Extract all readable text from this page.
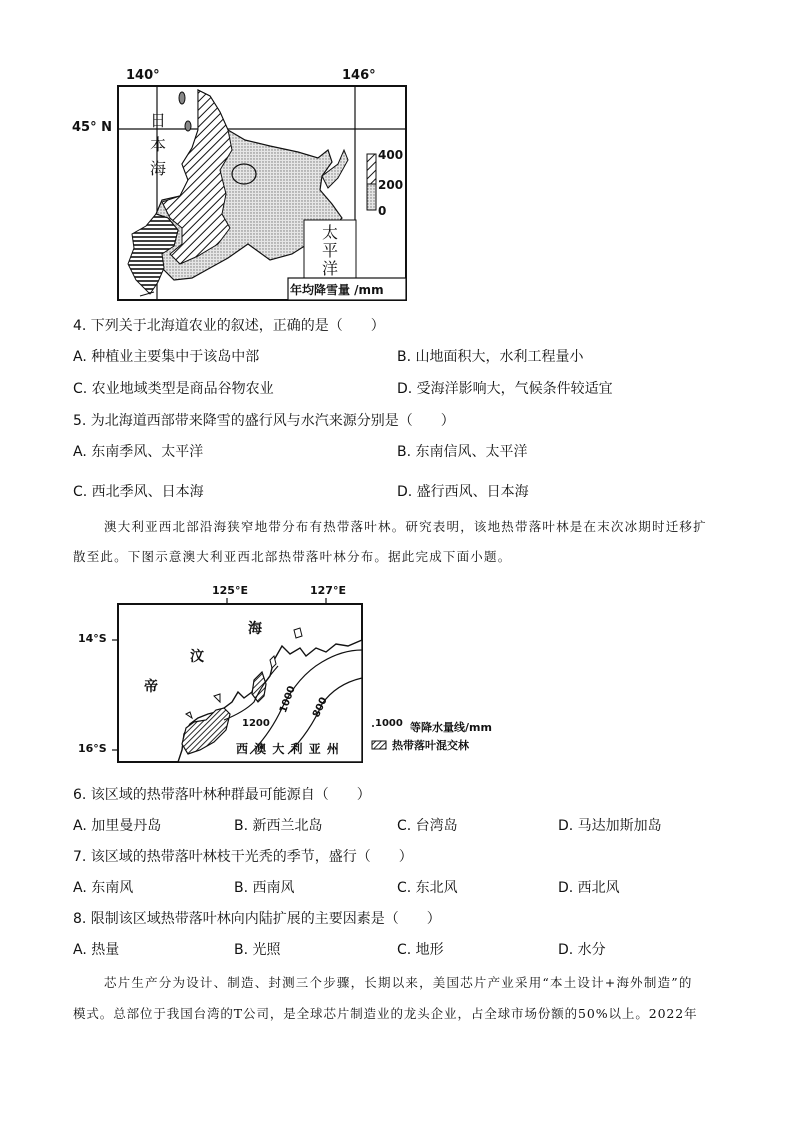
140°	146°
45° N 日
本
海
太
平
洋
400
200
0
年均降雪量 /mm
4. 下列关于北海道农业的叙述，正确的是（　　）
A. 种植业主要集中于该岛中部	B. 山地面积大，水利工程量小
C. 农业地域类型是商品谷物农业	D. 受海洋影响大，气候条件较适宜
5. 为北海道西部带来降雪的盛行风与水汽来源分别是（　　）
A. 东南季风、太平洋	B. 东南信风、太平洋
C. 西北季风、日本海	D. 盛行西风、日本海
澳大利亚西北部沿海狭窄地带分布有热带落叶林。研究表明，该地热带落叶林是在末次冰期时迁移扩
散至此。下图示意澳大利亚西北部热带落叶林分布。据此完成下面小题。
125°E	127°E
14°S
16°S
海
汶
帝
1200
1000 800
西 澳 大 利 亚 州
1000 等降水量线/mm
热带落叶混交林
6. 该区域的热带落叶林种群最可能源自（　　）
A. 加里曼丹岛	B. 新西兰北岛	C. 台湾岛	D. 马达加斯加岛
7. 该区域的热带落叶林枝干光秃的季节，盛行（　　）
A. 东南风	B. 西南风	C. 东北风	D. 西北风
8. 限制该区域热带落叶林向内陆扩展的主要因素是（　　）
A. 热量	B. 光照	C. 地形	D. 水分
芯片生产分为设计、制造、封测三个步骤，长期以来，美国芯片产业采用“本土设计+海外制造”的
模式。总部位于我国台湾的T公司，是全球芯片制造业的龙头企业，占全球市场份额的50%以上。2022年
